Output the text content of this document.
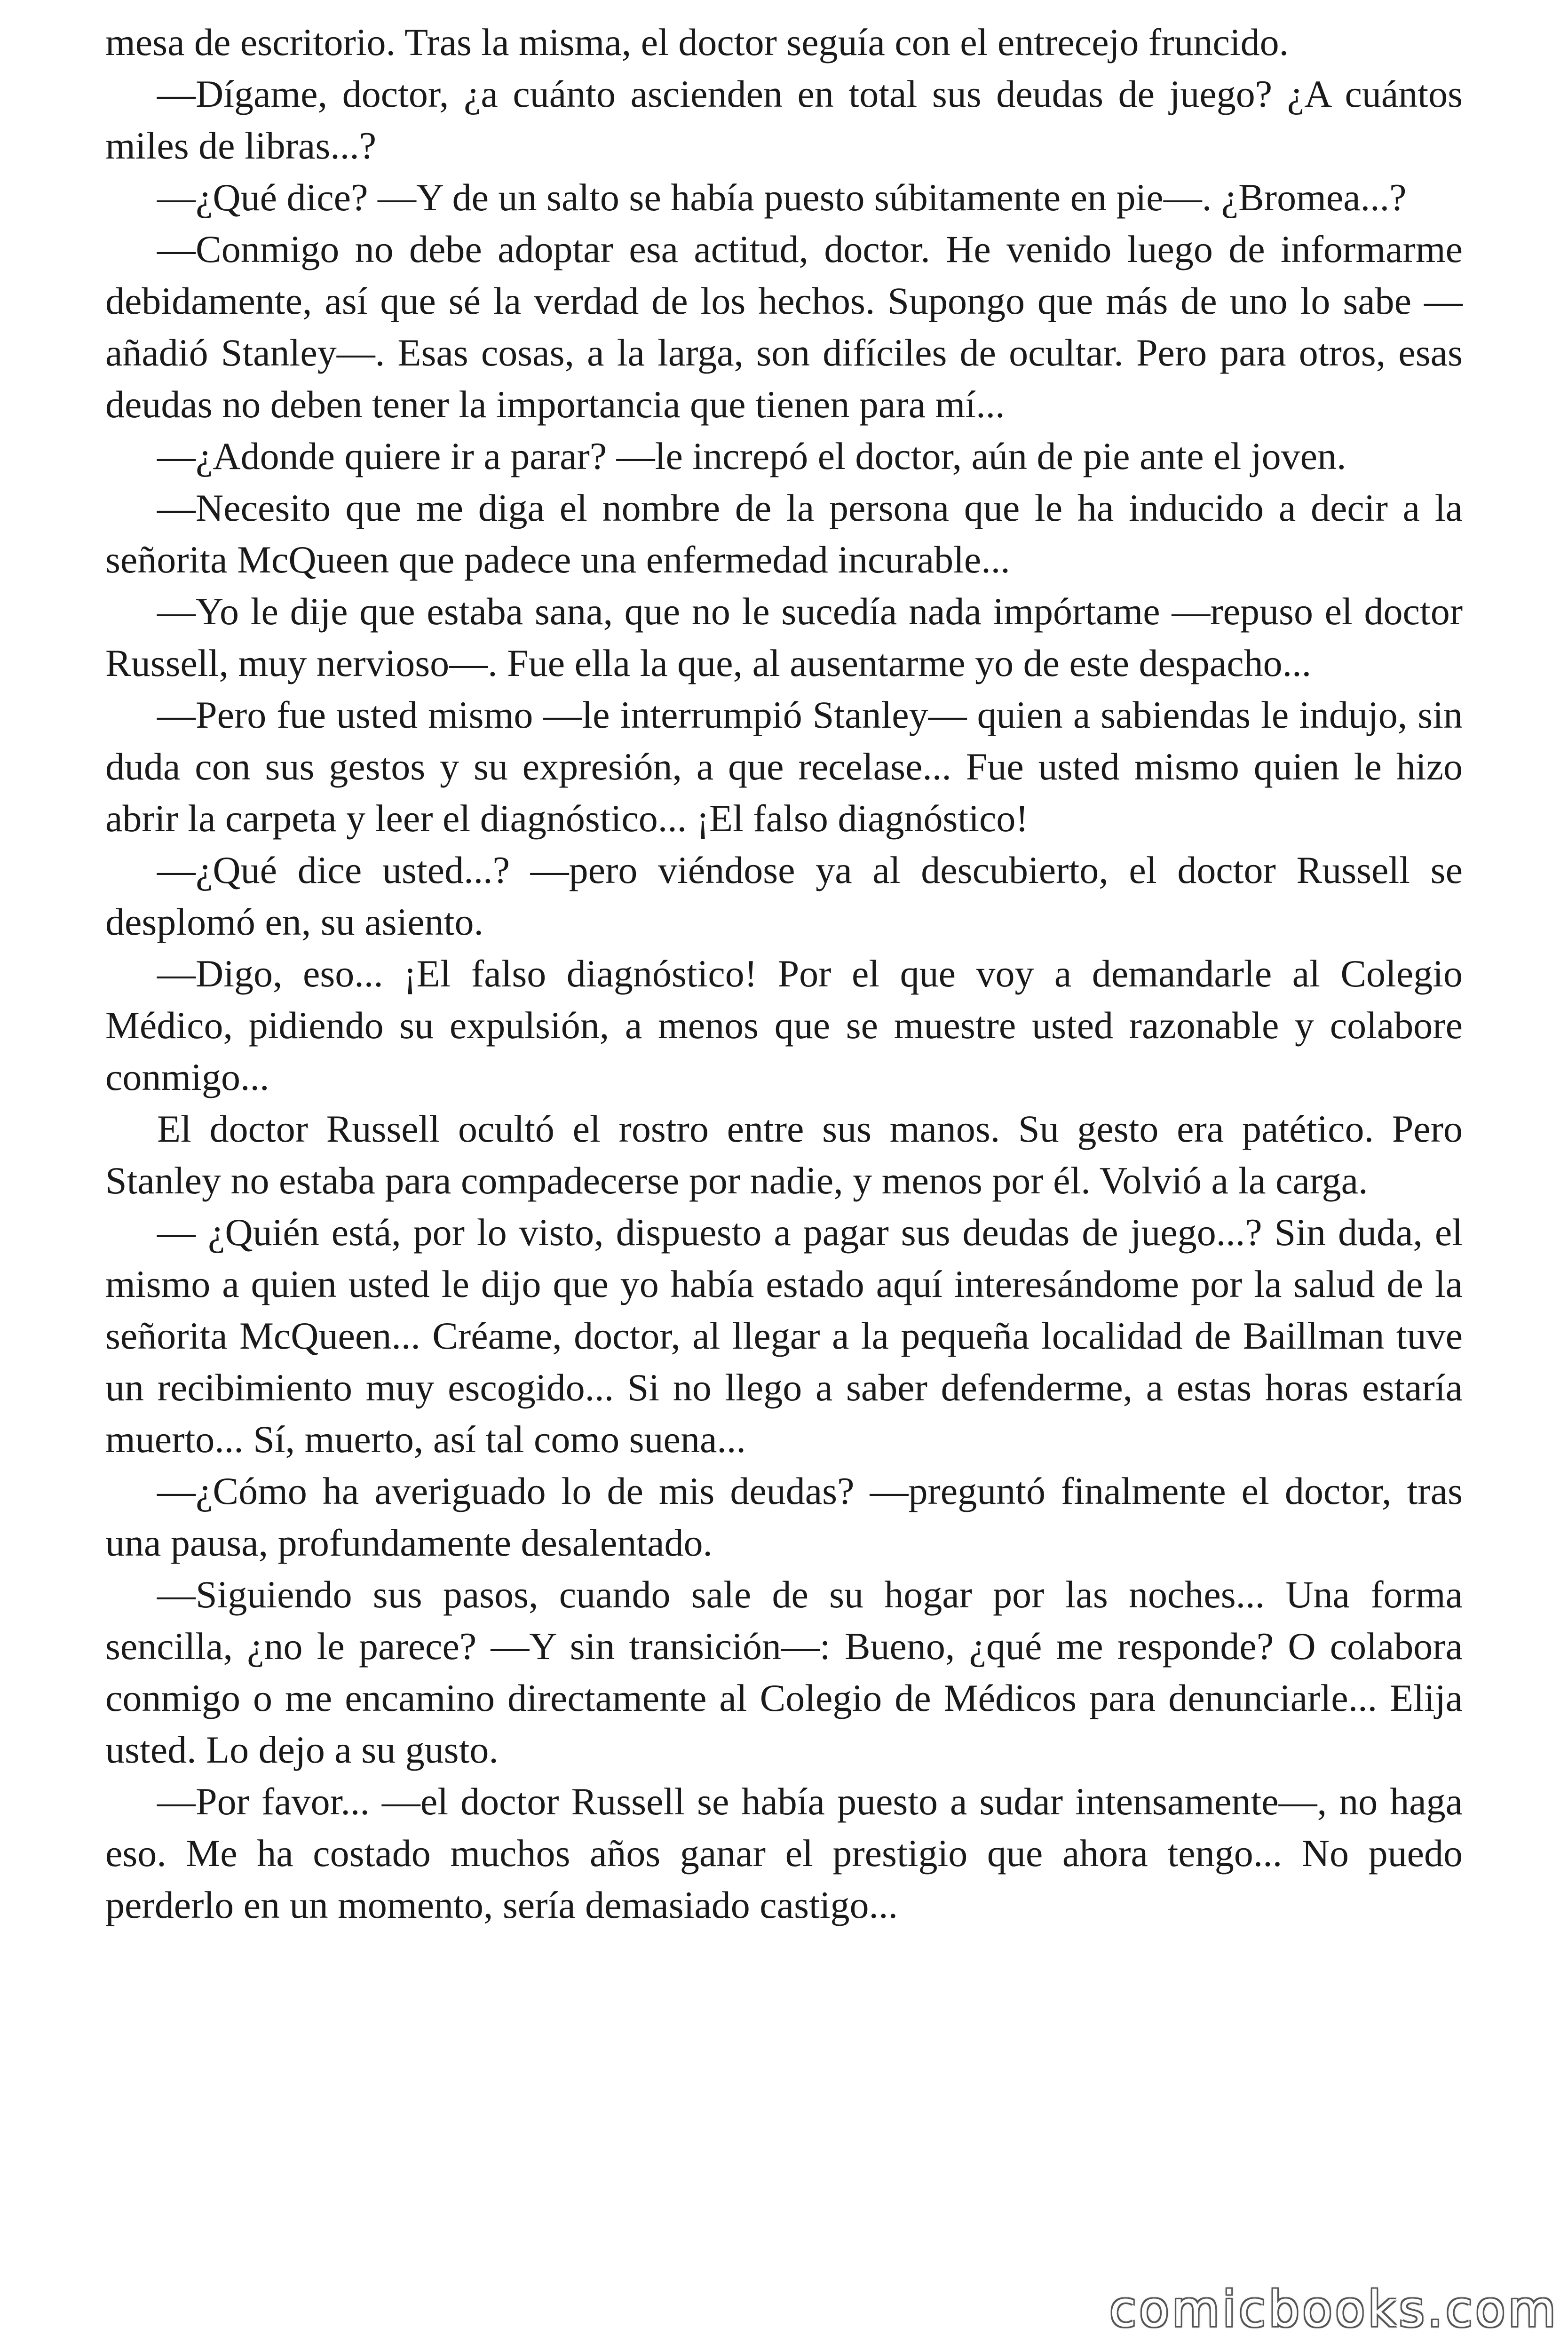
mesa de escritorio. Tras la misma, el doctor seguía con el entrecejo fruncido.

—Dígame, doctor, ¿a cuánto ascienden en total sus deudas de juego? ¿A cuántos miles de libras...?

—¿Qué dice? —Y de un salto se había puesto súbitamente en pie—. ¿Bromea...?

—Conmigo no debe adoptar esa actitud, doctor. He venido luego de informarme debidamente, así que sé la verdad de los hechos. Supongo que más de uno lo sabe —añadió Stanley—. Esas cosas, a la larga, son difíciles de ocultar. Pero para otros, esas deudas no deben tener la importancia que tienen para mí...

—¿Adonde quiere ir a parar? —le increpó el doctor, aún de pie ante el joven.

—Necesito que me diga el nombre de la persona que le ha inducido a decir a la señorita McQueen que padece una enfermedad incurable...

—Yo le dije que estaba sana, que no le sucedía nada impórtame —repuso el doctor Russell, muy nervioso—. Fue ella la que, al ausentarme yo de este despacho...

—Pero fue usted mismo —le interrumpió Stanley— quien a sabiendas le indujo, sin duda con sus gestos y su expresión, a que recelase... Fue usted mismo quien le hizo abrir la carpeta y leer el diagnóstico... ¡El falso diagnóstico!

—¿Qué dice usted...? —pero viéndose ya al descubierto, el doctor Russell se desplomó en, su asiento.

—Digo, eso... ¡El falso diagnóstico! Por el que voy a demandarle al Colegio Médico, pidiendo su expulsión, a menos que se muestre usted razonable y colabore conmigo...

El doctor Russell ocultó el rostro entre sus manos. Su gesto era patético. Pero Stanley no estaba para compadecerse por nadie, y menos por él. Volvió a la carga.

— ¿Quién está, por lo visto, dispuesto a pagar sus deudas de juego...? Sin duda, el mismo a quien usted le dijo que yo había estado aquí interesándome por la salud de la señorita McQueen... Créame, doctor, al llegar a la pequeña localidad de Baillman tuve un recibimiento muy escogido... Si no llego a saber defenderme, a estas horas estaría muerto... Sí, muerto, así tal como suena...

—¿Cómo ha averiguado lo de mis deudas? —preguntó finalmente el doctor, tras una pausa, profundamente desalentado.

—Siguiendo sus pasos, cuando sale de su hogar por las noches... Una forma sencilla, ¿no le parece? —Y sin transición—: Bueno, ¿qué me responde? O colabora conmigo o me encamino directamente al Colegio de Médicos para denunciarle... Elija usted. Lo dejo a su gusto.

—Por favor... —el doctor Russell se había puesto a sudar intensamente—, no haga eso. Me ha costado muchos años ganar el prestigio que ahora tengo... No puedo perderlo en un momento, sería demasiado castigo...

comicbooks.com
